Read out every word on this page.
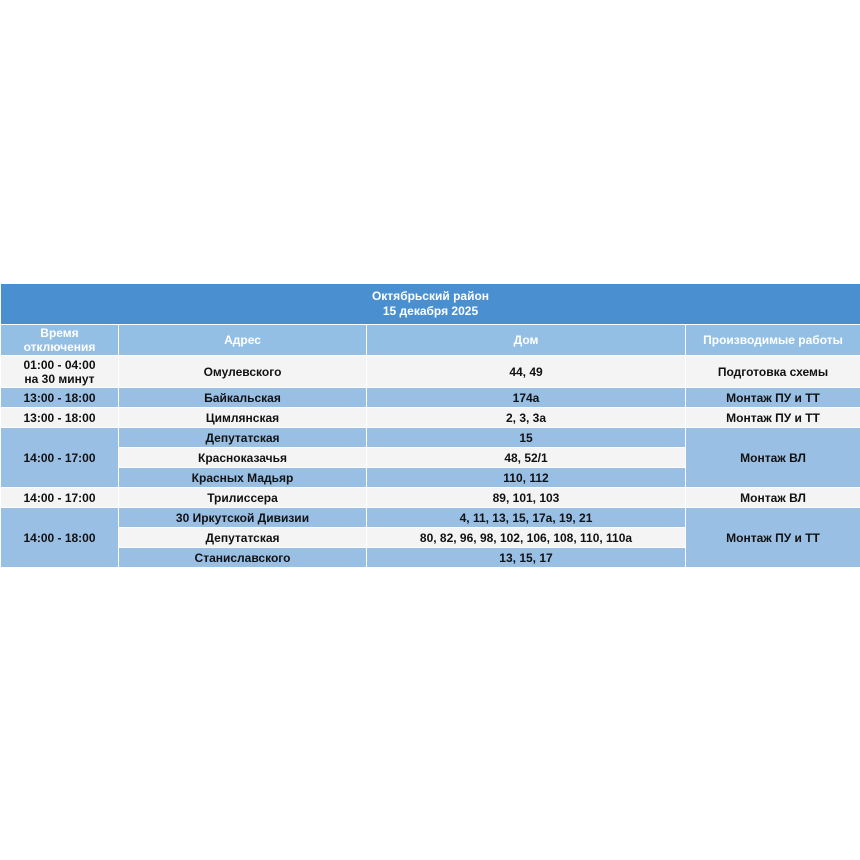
Октябрьский район
15 декабря 2025			

Время отключения	Адрес	Дом	Производимые работы

01:00 - 04:00
на 30 минут	Омулевского	44, 49	Подготовка схемы
13:00 - 18:00	Байкальская	174а	Монтаж ПУ и ТТ
13:00 - 18:00	Цимлянская	2, 3, 3а	Монтаж ПУ и ТТ
14:00 - 17:00	Депутатская	15	Монтаж ВЛ
	Красноказачья	48, 52/1	
	Красных Мадьяр	110, 112	
14:00 - 17:00	Трилиссера	89, 101, 103	Монтаж ВЛ
14:00 - 18:00	30 Иркутской Дивизии	4, 11, 13, 15, 17а, 19, 21	Монтаж ПУ и ТТ
	Депутатская	80, 82, 96, 98, 102, 106, 108, 110, 110а	
	Станиславского	13, 15, 17	
